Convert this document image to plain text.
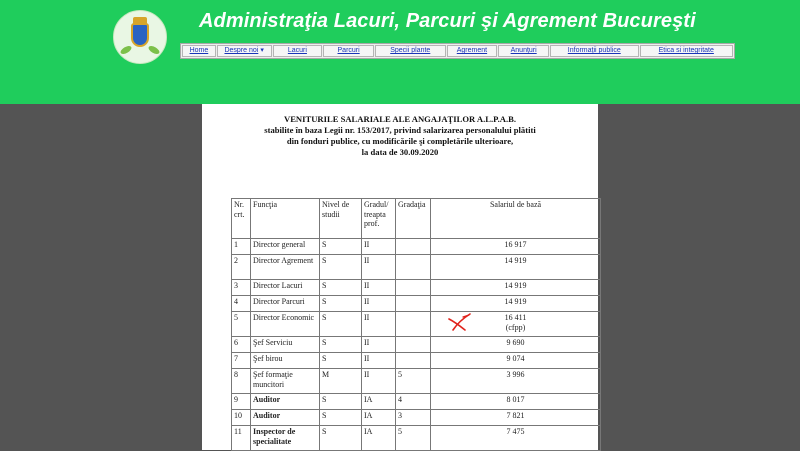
Administraţia Lacuri, Parcuri şi Agrement Bucureşti
Home	Despre noi ▾	Lacuri	Parcuri	Specii plante	Agrement	Anunţuri	Informaţii publice	Etica si integritate
VENITURILE SALARIALE ALE ANGAJAŢILOR A.L.P.A.B.
stabilite în baza Legii nr. 153/2017, privind salarizarea personalului plătiti
din fonduri publice, cu modificările şi completările ulterioare,
la data de 30.09.2020
Nr. crt.	Funcţia	Nivel de studii	Gradul/ treapta prof.	Gradaţia	Salariul de bază
1	Director general	S	II		16 917
2	Director Agrement	S	II		14 919
3	Director Lacuri	S	II		14 919
4	Director Parcuri	S	II		14 919
5	Director Economic	S	II		16 411
(cfpp)

6	Şef Serviciu	S	II		9 690
7	Şef birou	S	II		9 074
8	Şef formaţie muncitori	M	II	5	3 996
9	Auditor	S	IA	4	8 017
10	Auditor	S	IA	3	7 821
11	Inspector de specialitate	S	IA	5	7 475
